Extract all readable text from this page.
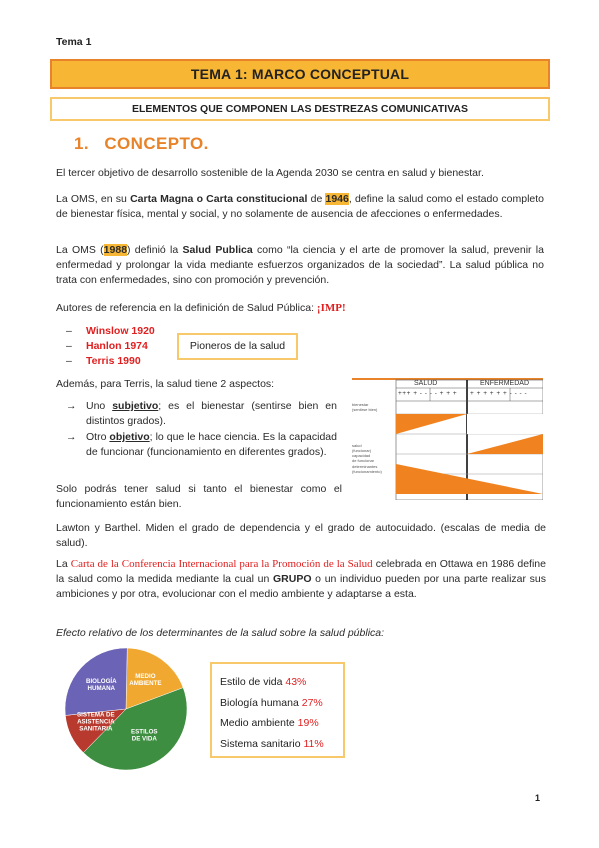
Tema 1
TEMA 1: MARCO CONCEPTUAL
ELEMENTOS QUE COMPONEN LAS DESTREZAS COMUNICATIVAS
1. CONCEPTO.

El tercer objetivo de desarrollo sostenible de la Agenda 2030 se centra en salud y bienestar.

La OMS, en su Carta Magna o Carta constitucional de 1946, define la salud como el estado completo de bienestar física, mental y social, y no solamente de ausencia de afecciones o enfermedades.

La OMS (1988) definió la Salud Publica como “la ciencia y el arte de promover la salud, prevenir la enfermedad y prolongar la vida mediante esfuerzos organizados de la sociedad”. La salud pública no trata con enfermedades, sino con promoción y prevención.

Autores de referencia en la definición de Salud Pública: ¡IMP!

– Winslow 1920
– Hanlon 1974
– Terris 1990
Pioneros de la salud

Además, para Terris, la salud tiene 2 aspectos:

→ Uno subjetivo; es el bienestar (sentirse bien en distintos grados).
→ Otro objetivo; lo que le hace ciencia. Es la capacidad de funcionar (funcionamiento en diferentes grados).

Solo podrás tener salud si tanto el bienestar como el funcionamiento están bien.

SALUD	ENFERMEDAD
+++ + - - - - + + + + + + + + + - - - -
bienestar
(sentirse bien)
salud
(funcionar)
capacidad
de funcionar
determinantes
(funcionamiento)

Lawton y Barthel. Miden el grado de dependencia y el grado de autocuidado. (escalas de media de salud).

La Carta de la Conferencia Internacional para la Promoción de la Salud celebrada en Ottawa en 1986 define la salud como la medida mediante la cual un GRUPO o un individuo pueden por una parte realizar sus ambiciones y por otra, evolucionar con el medio ambiente y adaptarse a esta.

Efecto relativo de los determinantes de la salud sobre la salud pública:

MEDIO AMBIENTE
ESTILOS DE VIDA
SISTEMA DE ASISTENCIA SANITARIA
BIOLOGÍA HUMANA
Estilo de vida 43%
Biología humana 27%
Medio ambiente 19%
Sistema sanitario 11%
1
